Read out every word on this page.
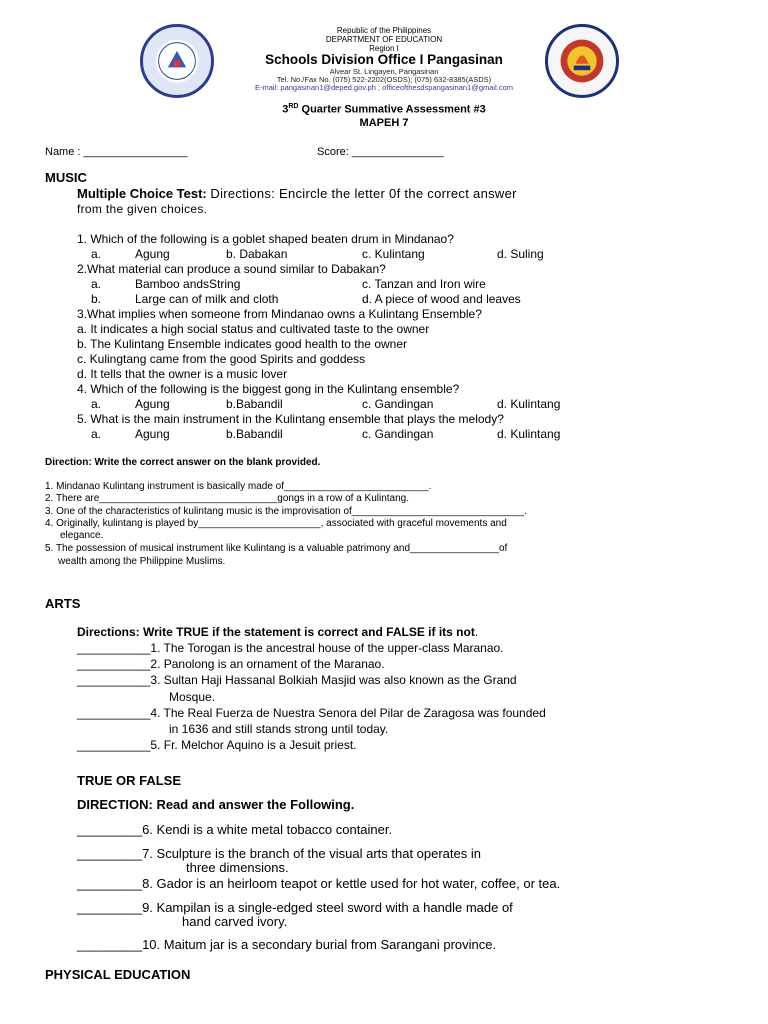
Republic of the Philippines
DEPARTMENT OF EDUCATION
Region I
Schools Division Office I Pangasinan
Alvear St. Lingayen, Pangasinan
Tel. No./Fax No. (075) 522-2202(OSDS); (075) 632-8385(ASDS)
E-mail: pangasinan1@deped.gov.ph ; officeofthesdspangasinan1@gmail.com
3RD Quarter Summative Assessment #3
MAPEH 7
Name : _________________	Score: _______________
MUSIC
Multiple Choice Test: Directions: Encircle the letter 0f the correct answer
from the given choices.
1. Which of the following is a goblet shaped beaten drum in Mindanao?
a.	Agung	b. Dabakan	c. Kulintang	d. Suling
2.What material can produce a sound similar to Dabakan?
a.	Bamboo andsString	c. Tanzan and Iron wire
b.	Large can of milk and cloth	d. A piece of wood and leaves
3.What implies when someone from Mindanao owns a Kulintang Ensemble?
a. It indicates a high social status and cultivated taste to the owner
b. The Kulintang Ensemble indicates good health to the owner
c. Kulingtang came from the good Spirits and goddess
d. It tells that the owner is a music lover
4. Which of the following is the biggest gong in the Kulintang ensemble?
a.	Agung	b.Babandil	c. Gandingan	d. Kulintang
5. What is the main instrument in the Kulintang ensemble that plays the melody?
a.	Agung	b.Babandil	c. Gandingan	d. Kulintang
Direction: Write the correct answer on the blank provided.
1. Mindanao Kulintang instrument is basically made of__________________________.
2. There are________________________________gongs in a row of a Kulintang.
3. One of the characteristics of kulintang music is the improvisation of_______________________________.
4. Originally, kulintang is played by______________________, associated with graceful movements and
elegance.
5. The possession of musical instrument like Kulintang is a valuable patrimony and________________of
wealth among the Philippine Muslims.
ARTS
Directions: Write TRUE if the statement is correct and FALSE if its not.
___________1. The Torogan is the ancestral house of the upper-class Maranao.
___________2. Panolong is an ornament of the Maranao.
___________3. Sultan Haji Hassanal Bolkiah Masjid was also known as the Grand
Mosque.
___________4. The Real Fuerza de Nuestra Senora del Pilar de Zaragosa was founded
in 1636 and still stands strong until today.
___________5. Fr. Melchor Aquino is a Jesuit priest.
TRUE OR FALSE
DIRECTION: Read and answer the Following.
_________6. Kendi is a white metal tobacco container.
_________7. Sculpture is the branch of the visual arts that operates in
three dimensions.
_________8. Gador is an heirloom teapot or kettle used for hot water, coffee, or tea.
_________9. Kampilan is a single-edged steel sword with a handle made of
hand carved ivory.
_________10. Maitum jar is a secondary burial from Sarangani province.
PHYSICAL EDUCATION
